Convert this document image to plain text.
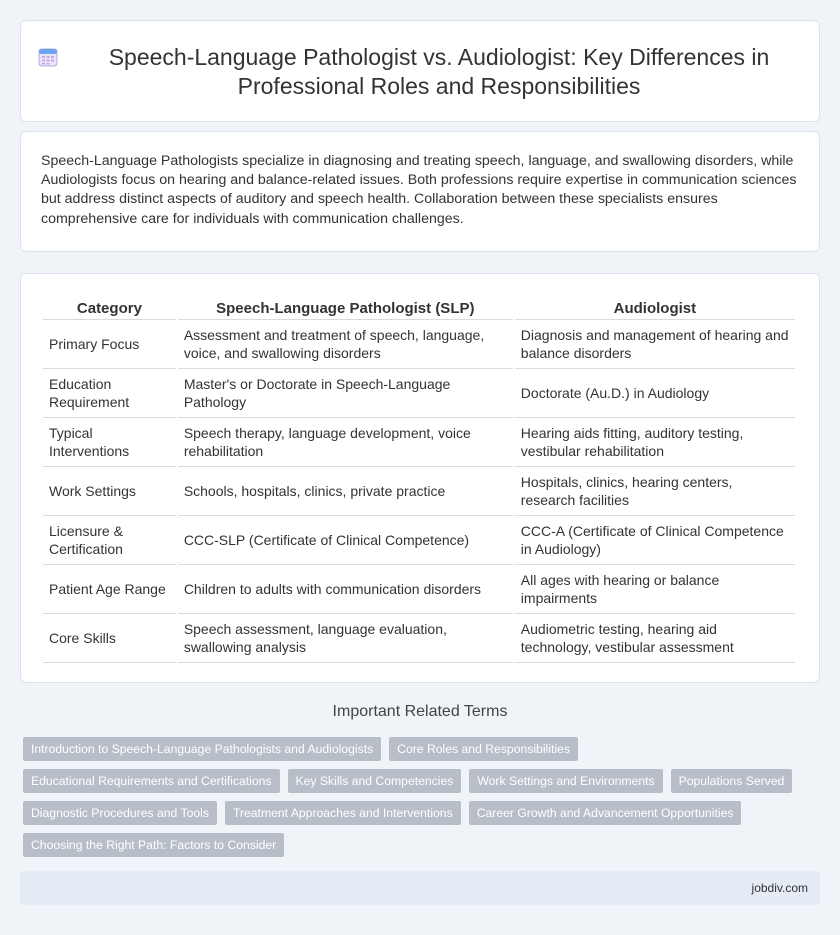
Speech-Language Pathologist vs. Audiologist: Key Differences in Professional Roles and Responsibilities

Speech-Language Pathologists specialize in diagnosing and treating speech, language, and swallowing disorders, while Audiologists focus on hearing and balance-related issues. Both professions require expertise in communication sciences but address distinct aspects of auditory and speech health. Collaboration between these specialists ensures comprehensive care for individuals with communication challenges.

Category	Speech-Language Pathologist (SLP)	Audiologist
Primary Focus	Assessment and treatment of speech, language, voice, and swallowing disorders	Diagnosis and management of hearing and balance disorders
Education Requirement	Master's or Doctorate in Speech-Language Pathology	Doctorate (Au.D.) in Audiology
Typical Interventions	Speech therapy, language development, voice rehabilitation	Hearing aids fitting, auditory testing, vestibular rehabilitation
Work Settings	Schools, hospitals, clinics, private practice	Hospitals, clinics, hearing centers, research facilities
Licensure & Certification	CCC-SLP (Certificate of Clinical Competence)	CCC-A (Certificate of Clinical Competence in Audiology)
Patient Age Range	Children to adults with communication disorders	All ages with hearing or balance impairments
Core Skills	Speech assessment, language evaluation, swallowing analysis	Audiometric testing, hearing aid technology, vestibular assessment
Important Related Terms
Introduction to Speech-Language Pathologists and Audiologists	Core Roles and Responsibilities
Educational Requirements and Certifications	Key Skills and Competencies	Work Settings and Environments	Populations Served
Diagnostic Procedures and Tools	Treatment Approaches and Interventions	Career Growth and Advancement Opportunities
Choosing the Right Path: Factors to Consider
jobdiv.com
